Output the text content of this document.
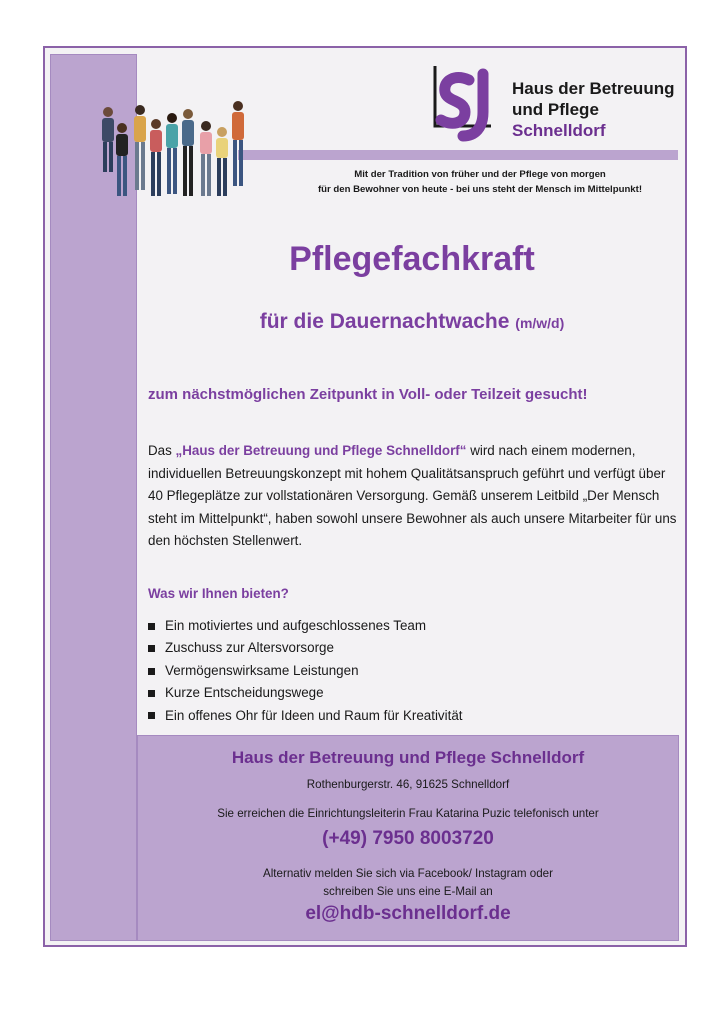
Haus der Betreuung
und Pflege
Schnelldorf
Mit der Tradition von früher und der Pflege von morgen
für den Bewohner von heute - bei uns steht der Mensch im Mittelpunkt!
Pflegefachkraft
für die Dauernachtwache (m/w/d)
zum nächstmöglichen Zeitpunkt in Voll- oder Teilzeit gesucht!
Das „Haus der Betreuung und Pflege Schnelldorf“ wird nach einem modernen, individuellen Betreuungskonzept mit hohem Qualitätsanspruch geführt und verfügt über 40 Pflegeplätze zur vollstationären Versorgung. Gemäß unserem Leitbild „Der Mensch steht im Mittelpunkt“, haben sowohl unsere Bewohner als auch unsere Mitarbeiter für uns den höchsten Stellenwert.
Was wir Ihnen bieten?
Ein motiviertes und aufgeschlossenes Team
Zuschuss zur Altersvorsorge
Vermögenswirksame Leistungen
Kurze Entscheidungswege
Ein offenes Ohr für Ideen und Raum für Kreativität
Haus der Betreuung und Pflege Schnelldorf
Rothenburgerstr. 46, 91625 Schnelldorf
Sie erreichen die Einrichtungsleiterin Frau Katarina Puzic telefonisch unter
(+49) 7950 8003720
Alternativ melden Sie sich via Facebook/ Instagram oder
schreiben Sie uns eine E-Mail an
el@hdb-schnelldorf.de
